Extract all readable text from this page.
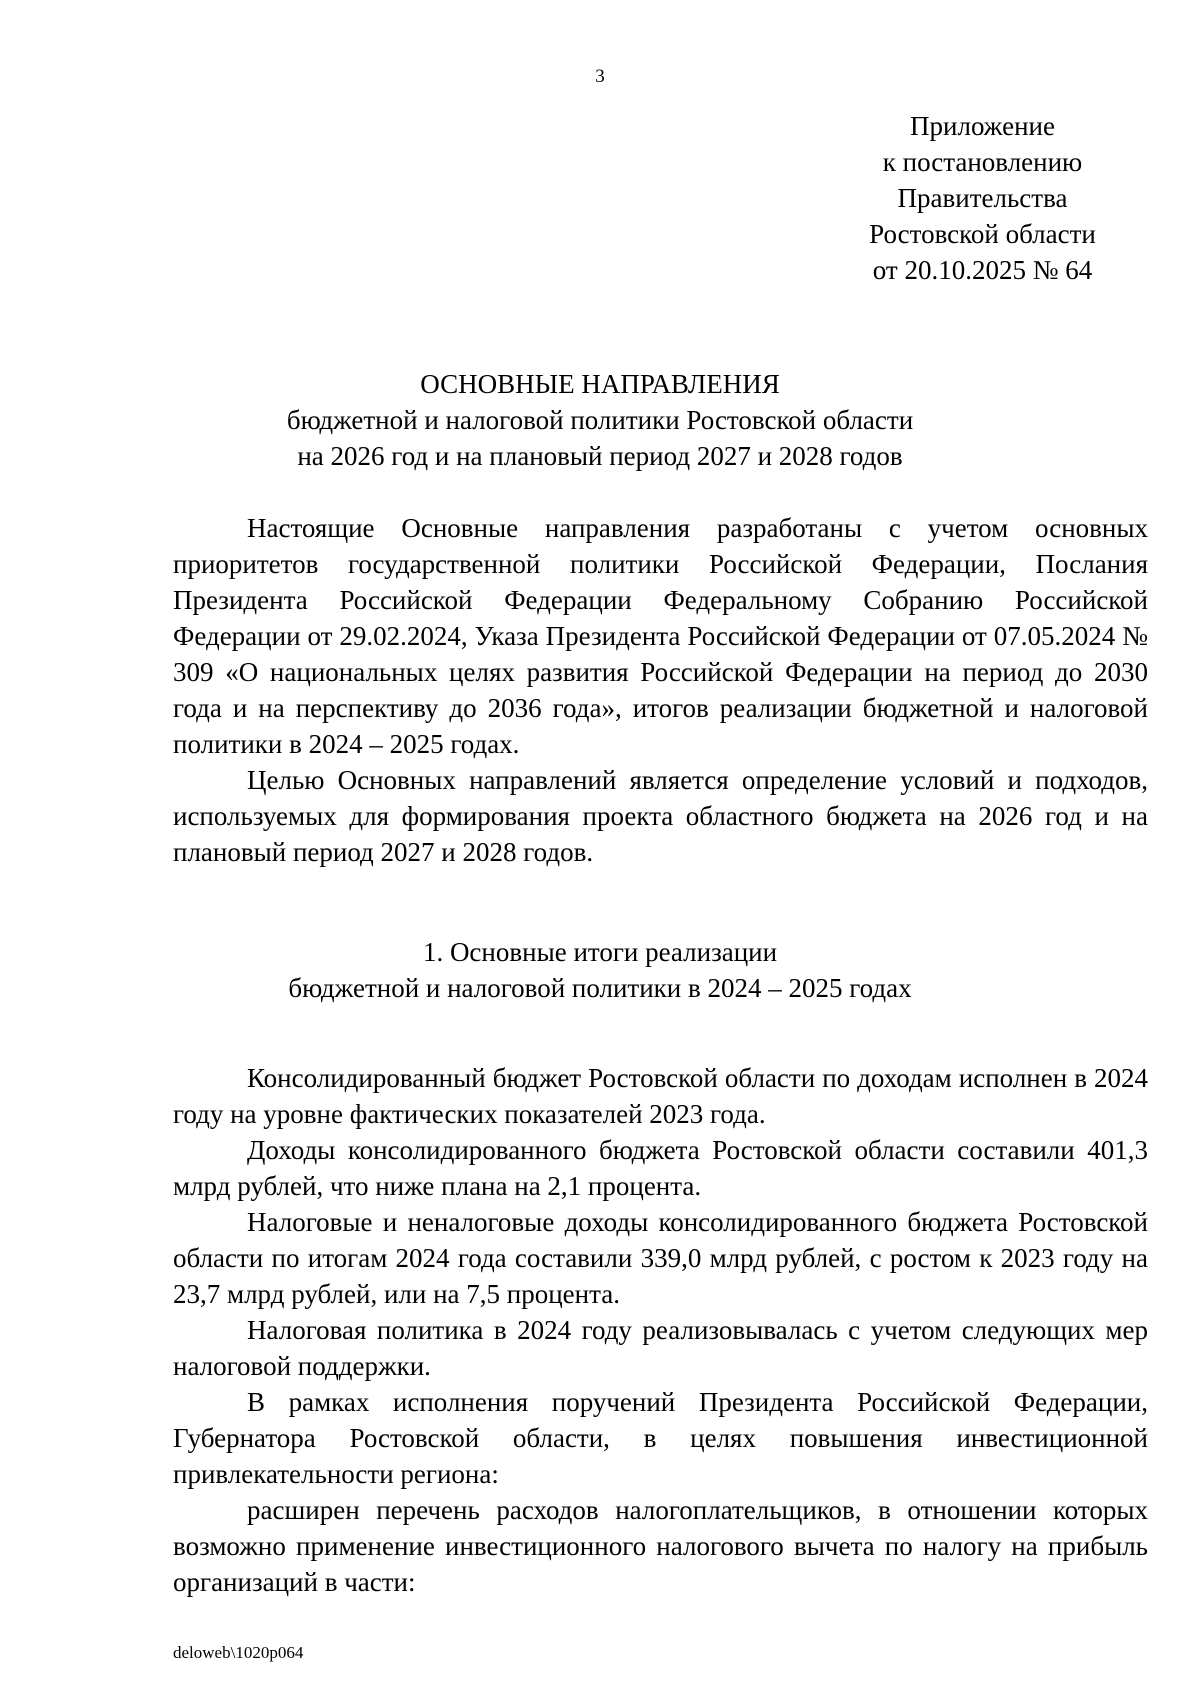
3
Приложение
к постановлению
Правительства
Ростовской области
от 20.10.2025 № 64
ОСНОВНЫЕ НАПРАВЛЕНИЯ
бюджетной и налоговой политики Ростовской области
на 2026 год и на плановый период 2027 и 2028 годов

Настоящие Основные направления разработаны с учетом основных приоритетов государственной политики Российской Федерации, Послания Президента Российской Федерации Федеральному Собранию Российской Федерации от 29.02.2024, Указа Президента Российской Федерации от 07.05.2024 № 309 «О национальных целях развития Российской Федерации на период до 2030 года и на перспективу до 2036 года», итогов реализации бюджетной и налоговой политики в 2024 – 2025 годах.

Целью Основных направлений является определение условий и подходов, используемых для формирования проекта областного бюджета на 2026 год и на плановый период 2027 и 2028 годов.

1. Основные итоги реализации
бюджетной и налоговой политики в 2024 – 2025 годах

Консолидированный бюджет Ростовской области по доходам исполнен в 2024 году на уровне фактических показателей 2023 года.

Доходы консолидированного бюджета Ростовской области составили 401,3 млрд рублей, что ниже плана на 2,1 процента.

Налоговые и неналоговые доходы консолидированного бюджета Ростовской области по итогам 2024 года составили 339,0 млрд рублей, с ростом к 2023 году на 23,7 млрд рублей, или на 7,5 процента.

Налоговая политика в 2024 году реализовывалась с учетом следующих мер налоговой поддержки.

В рамках исполнения поручений Президента Российской Федерации, Губернатора Ростовской области, в целях повышения инвестиционной привлекательности региона:

расширен перечень расходов налогоплательщиков, в отношении которых возможно применение инвестиционного налогового вычета по налогу на прибыль организаций в части:

deloweb\1020p064
